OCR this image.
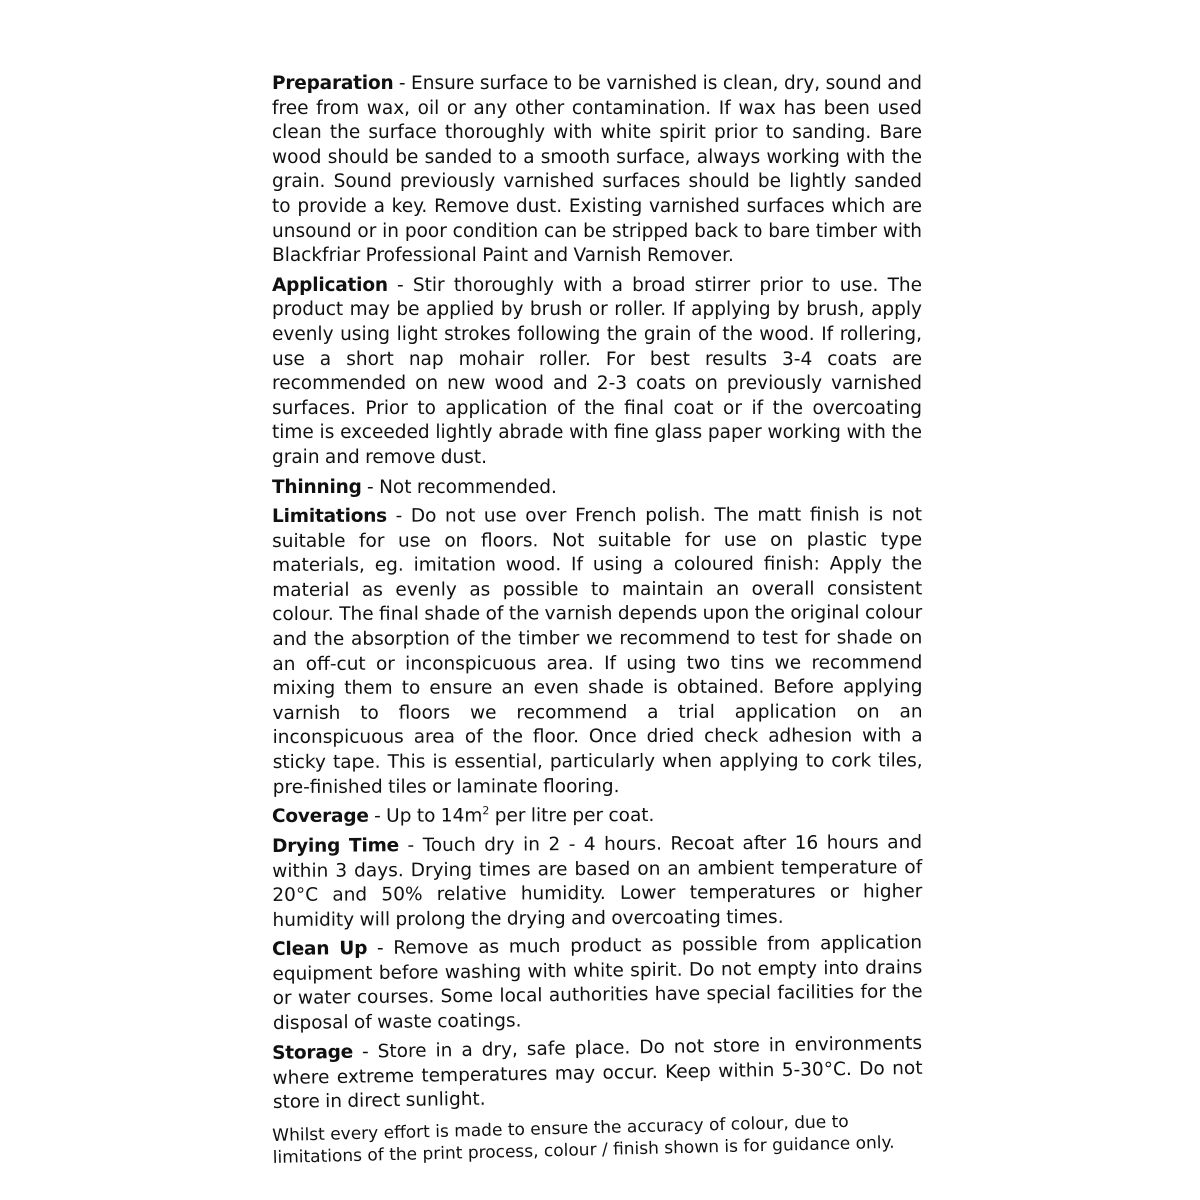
Preparation - Ensure surface to be varnished is clean, dry, sound and free from wax, oil or any other contamination. If wax has been used clean the surface thoroughly with white spirit prior to sanding. Bare wood should be sanded to a smooth surface, always working with the grain. Sound previously varnished surfaces should be lightly sanded to provide a key. Remove dust. Existing varnished surfaces which are unsound or in poor condition can be stripped back to bare timber with Blackfriar Professional Paint and Varnish Remover.

Application - Stir thoroughly with a broad stirrer prior to use. The product may be applied by brush or roller. If applying by brush, apply evenly using light strokes following the grain of the wood. If rollering, use a short nap mohair roller. For best results 3-4 coats are recommended on new wood and 2-3 coats on previously varnished surfaces. Prior to application of the final coat or if the overcoating time is exceeded lightly abrade with fine glass paper working with the grain and remove dust.

Thinning - Not recommended.

Limitations - Do not use over French polish. The matt finish is not suitable for use on floors. Not suitable for use on plastic type materials, eg. imitation wood. If using a coloured finish: Apply the material as evenly as possible to maintain an overall consistent colour. The final shade of the varnish depends upon the original colour and the absorption of the timber we recommend to test for shade on an off-cut or inconspicuous area. If using two tins we recommend mixing them to ensure an even shade is obtained. Before applying varnish to floors we recommend a trial application on an inconspicuous area of the floor. Once dried check adhesion with a sticky tape. This is essential, particularly when applying to cork tiles, pre-finished tiles or laminate flooring.

Coverage - Up to $14m^2$ per litre per coat.

Drying Time - Touch dry in 2 - 4 hours. Recoat after 16 hours and within 3 days. Drying times are based on an ambient temperature of 20°C and 50% relative humidity. Lower temperatures or higher humidity will prolong the drying and overcoating times.

Clean Up - Remove as much product as possible from application equipment before washing with white spirit. Do not empty into drains or water courses. Some local authorities have special facilities for the disposal of waste coatings.

Storage - Store in a dry, safe place. Do not store in environments where extreme temperatures may occur. Keep within 5-30°C. Do not store in direct sunlight.

Whilst every effort is made to ensure the accuracy of colour, due to limitations of the print process, colour / finish shown is for guidance only.
